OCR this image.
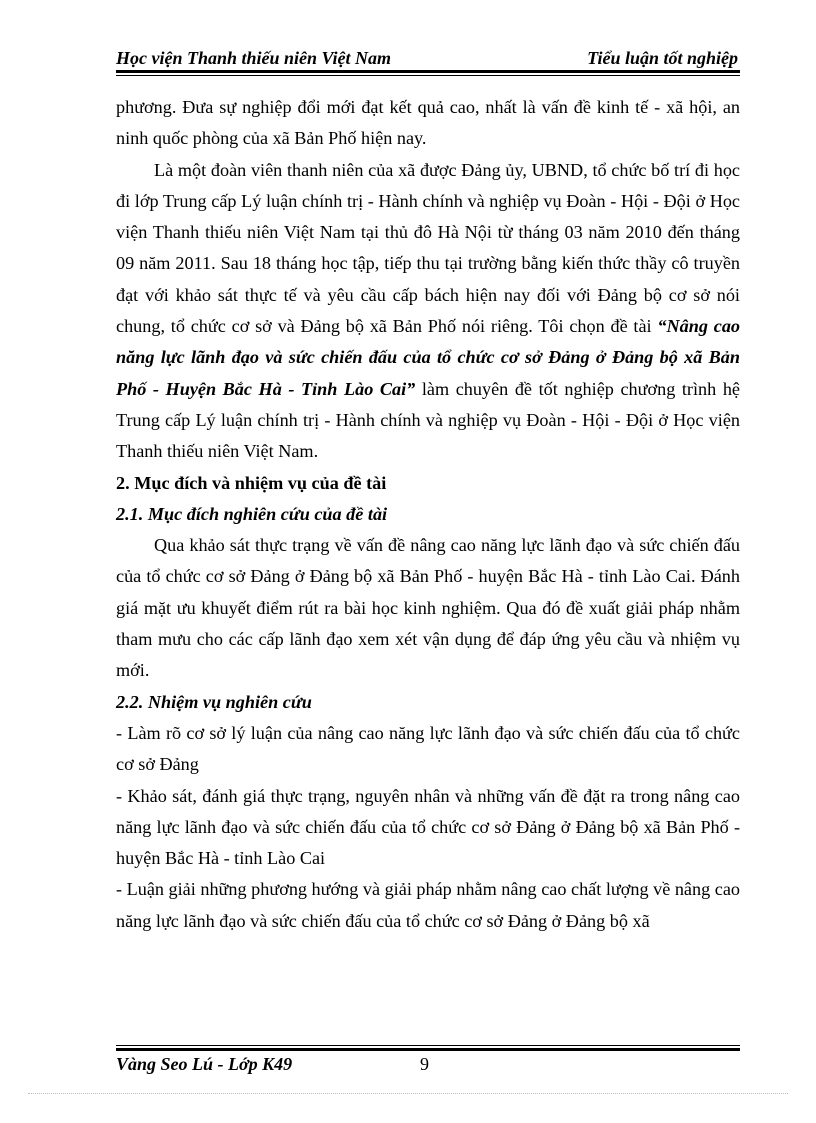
Học viện Thanh thiếu niên Việt Nam	Tiểu luận tốt nghiệp

phương. Đưa sự nghiệp đổi mới đạt kết quả cao, nhất là vấn đề kinh tế - xã hội, an ninh quốc phòng của xã Bản Phố hiện nay.

Là một đoàn viên thanh niên của xã được Đảng ủy, UBND, tổ chức bố trí đi học đi lớp Trung cấp Lý luận chính trị - Hành chính và nghiệp vụ Đoàn - Hội - Đội ở Học viện Thanh thiếu niên Việt Nam tại thủ đô Hà Nội từ tháng 03 năm 2010 đến tháng 09 năm 2011. Sau 18 tháng học tập, tiếp thu tại trường bằng kiến thức thầy cô truyền đạt với khảo sát thực tế và yêu cầu cấp bách hiện nay đối với Đảng bộ cơ sở nói chung, tổ chức cơ sở và Đảng bộ xã Bản Phố nói riêng. Tôi chọn đề tài “Nâng cao năng lực lãnh đạo và sức chiến đấu của tổ chức cơ sở Đảng ở Đảng bộ xã Bản Phố - Huyện Bắc Hà - Tỉnh Lào Cai” làm chuyên đề tốt nghiệp chương trình hệ Trung cấp Lý luận chính trị - Hành chính và nghiệp vụ Đoàn - Hội - Đội ở Học viện Thanh thiếu niên Việt Nam.

2. Mục đích và nhiệm vụ của đề tài

2.1. Mục đích nghiên cứu của đề tài

Qua khảo sát thực trạng về vấn đề nâng cao năng lực lãnh đạo và sức chiến đấu của tổ chức cơ sở Đảng ở Đảng bộ xã Bản Phố - huyện Bắc Hà - tỉnh Lào Cai. Đánh giá mặt ưu khuyết điểm rút ra bài học kinh nghiệm. Qua đó đề xuất giải pháp nhằm tham mưu cho các cấp lãnh đạo xem xét vận dụng để đáp ứng yêu cầu và nhiệm vụ mới.

2.2. Nhiệm vụ nghiên cứu

- Làm rõ cơ sở lý luận của nâng cao năng lực lãnh đạo và sức chiến đấu của tổ chức cơ sở Đảng

- Khảo sát, đánh giá thực trạng, nguyên nhân và những vấn đề đặt ra trong nâng cao năng lực lãnh đạo và sức chiến đấu của tổ chức cơ sở Đảng ở Đảng bộ xã Bản Phố - huyện Bắc Hà - tỉnh Lào Cai

- Luận giải những phương hướng và giải pháp nhằm nâng cao chất lượng về nâng cao năng lực lãnh đạo và sức chiến đấu của tổ chức cơ sở Đảng ở Đảng bộ xã

Vàng Seo Lú - Lớp K49	9
